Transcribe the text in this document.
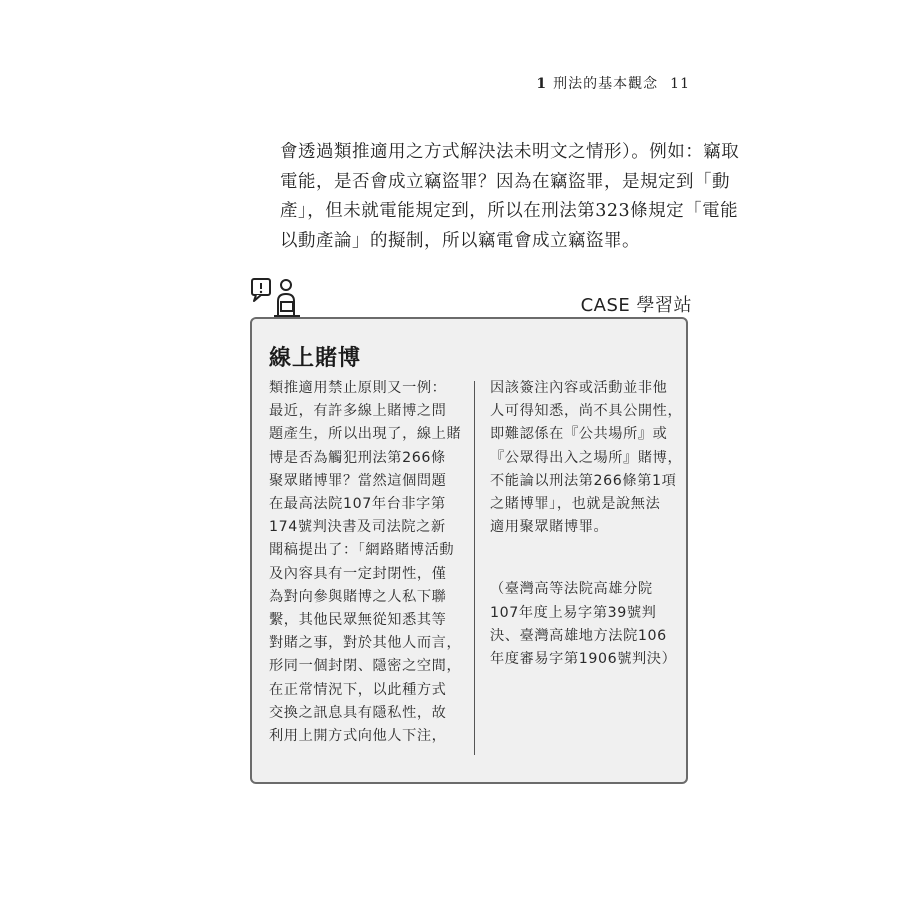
1 刑法的基本觀念 11

會透過類推適用之方式解決法未明文之情形）。例如：竊取

電能，是否會成立竊盜罪？因為在竊盜罪，是規定到「動

產」，但未就電能規定到，所以在刑法第323條規定「電能

以動產論」的擬制，所以竊電會成立竊盜罪。

CASE 學習站
線上賭博

類推適用禁止原則又一例：

最近，有許多線上賭博之問

題產生，所以出現了，線上賭

博是否為觸犯刑法第266條

聚眾賭博罪？當然這個問題

在最高法院107年台非字第

174號判決書及司法院之新

聞稿提出了：「網路賭博活動

及內容具有一定封閉性，僅

為對向參與賭博之人私下聯

繫，其他民眾無從知悉其等

對賭之事，對於其他人而言，

形同一個封閉、隱密之空間，

在正常情況下，以此種方式

交換之訊息具有隱私性，故

利用上開方式向他人下注，

因該簽注內容或活動並非他

人可得知悉，尚不具公開性，

即難認係在『公共場所』或

『公眾得出入之場所』賭博，

不能論以刑法第266條第1項

之賭博罪」，也就是說無法

適用聚眾賭博罪。

（臺灣高等法院高雄分院

107年度上易字第39號判

決、臺灣高雄地方法院106

年度審易字第1906號判決）
